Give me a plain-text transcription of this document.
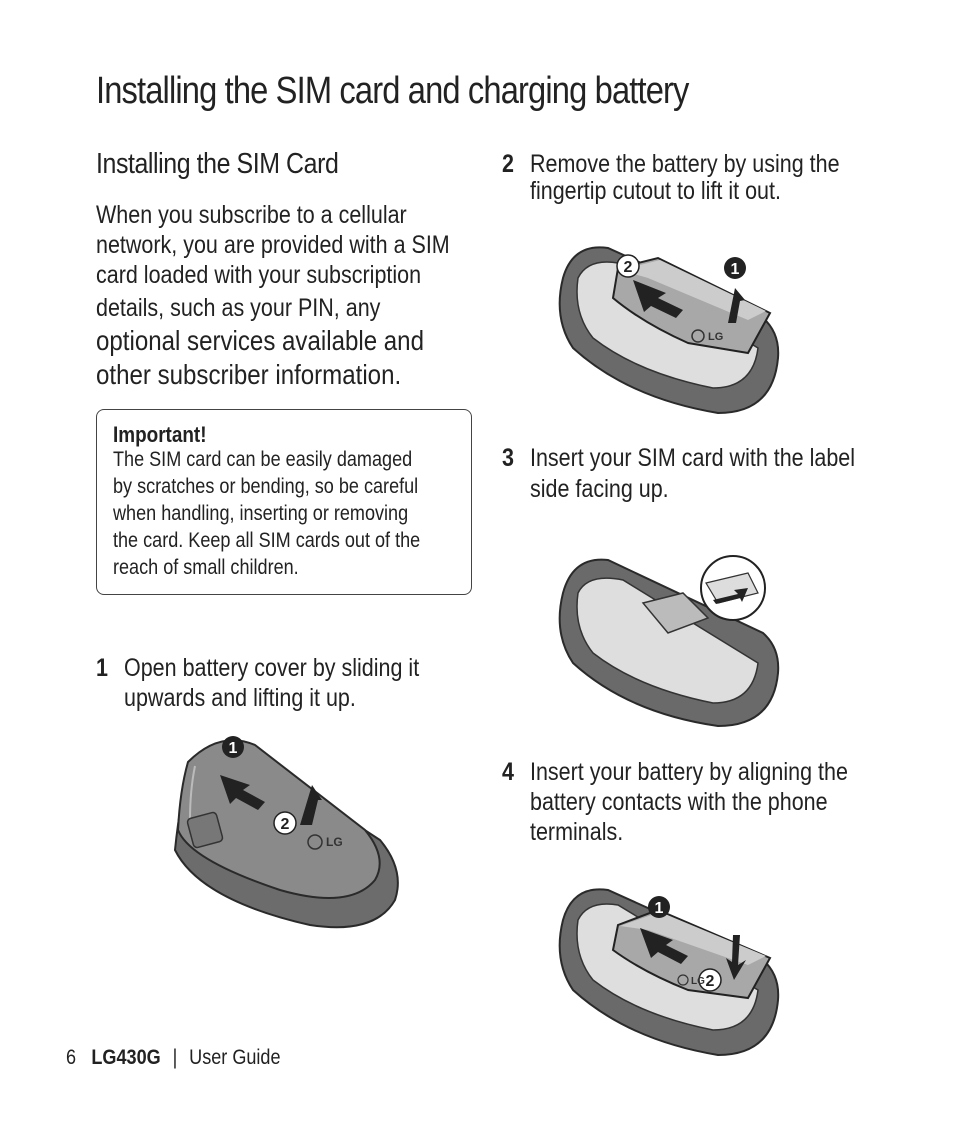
Installing the SIM card and charging battery
Installing the SIM Card
When you subscribe to a cellular
network, you are provided with a SIM
card loaded with your subscription
details, such as your PIN, any
optional services available and
other subscriber information.
Important!
The SIM card can be easily damaged
by scratches or bending, so be careful
when handling, inserting or removing
the card. Keep all SIM cards out of the
reach of small children.
1 Open battery cover by sliding it
upwards and lifting it up.
2 Remove the battery by using the
fingertip cutout to lift it out.
3 Insert your SIM card with the label
side facing up.
4 Insert your battery by aligning the
battery contacts with the phone
terminals.
1
2
LG
2	1
LG
1
2
LG
6 LG430G | User Guide
